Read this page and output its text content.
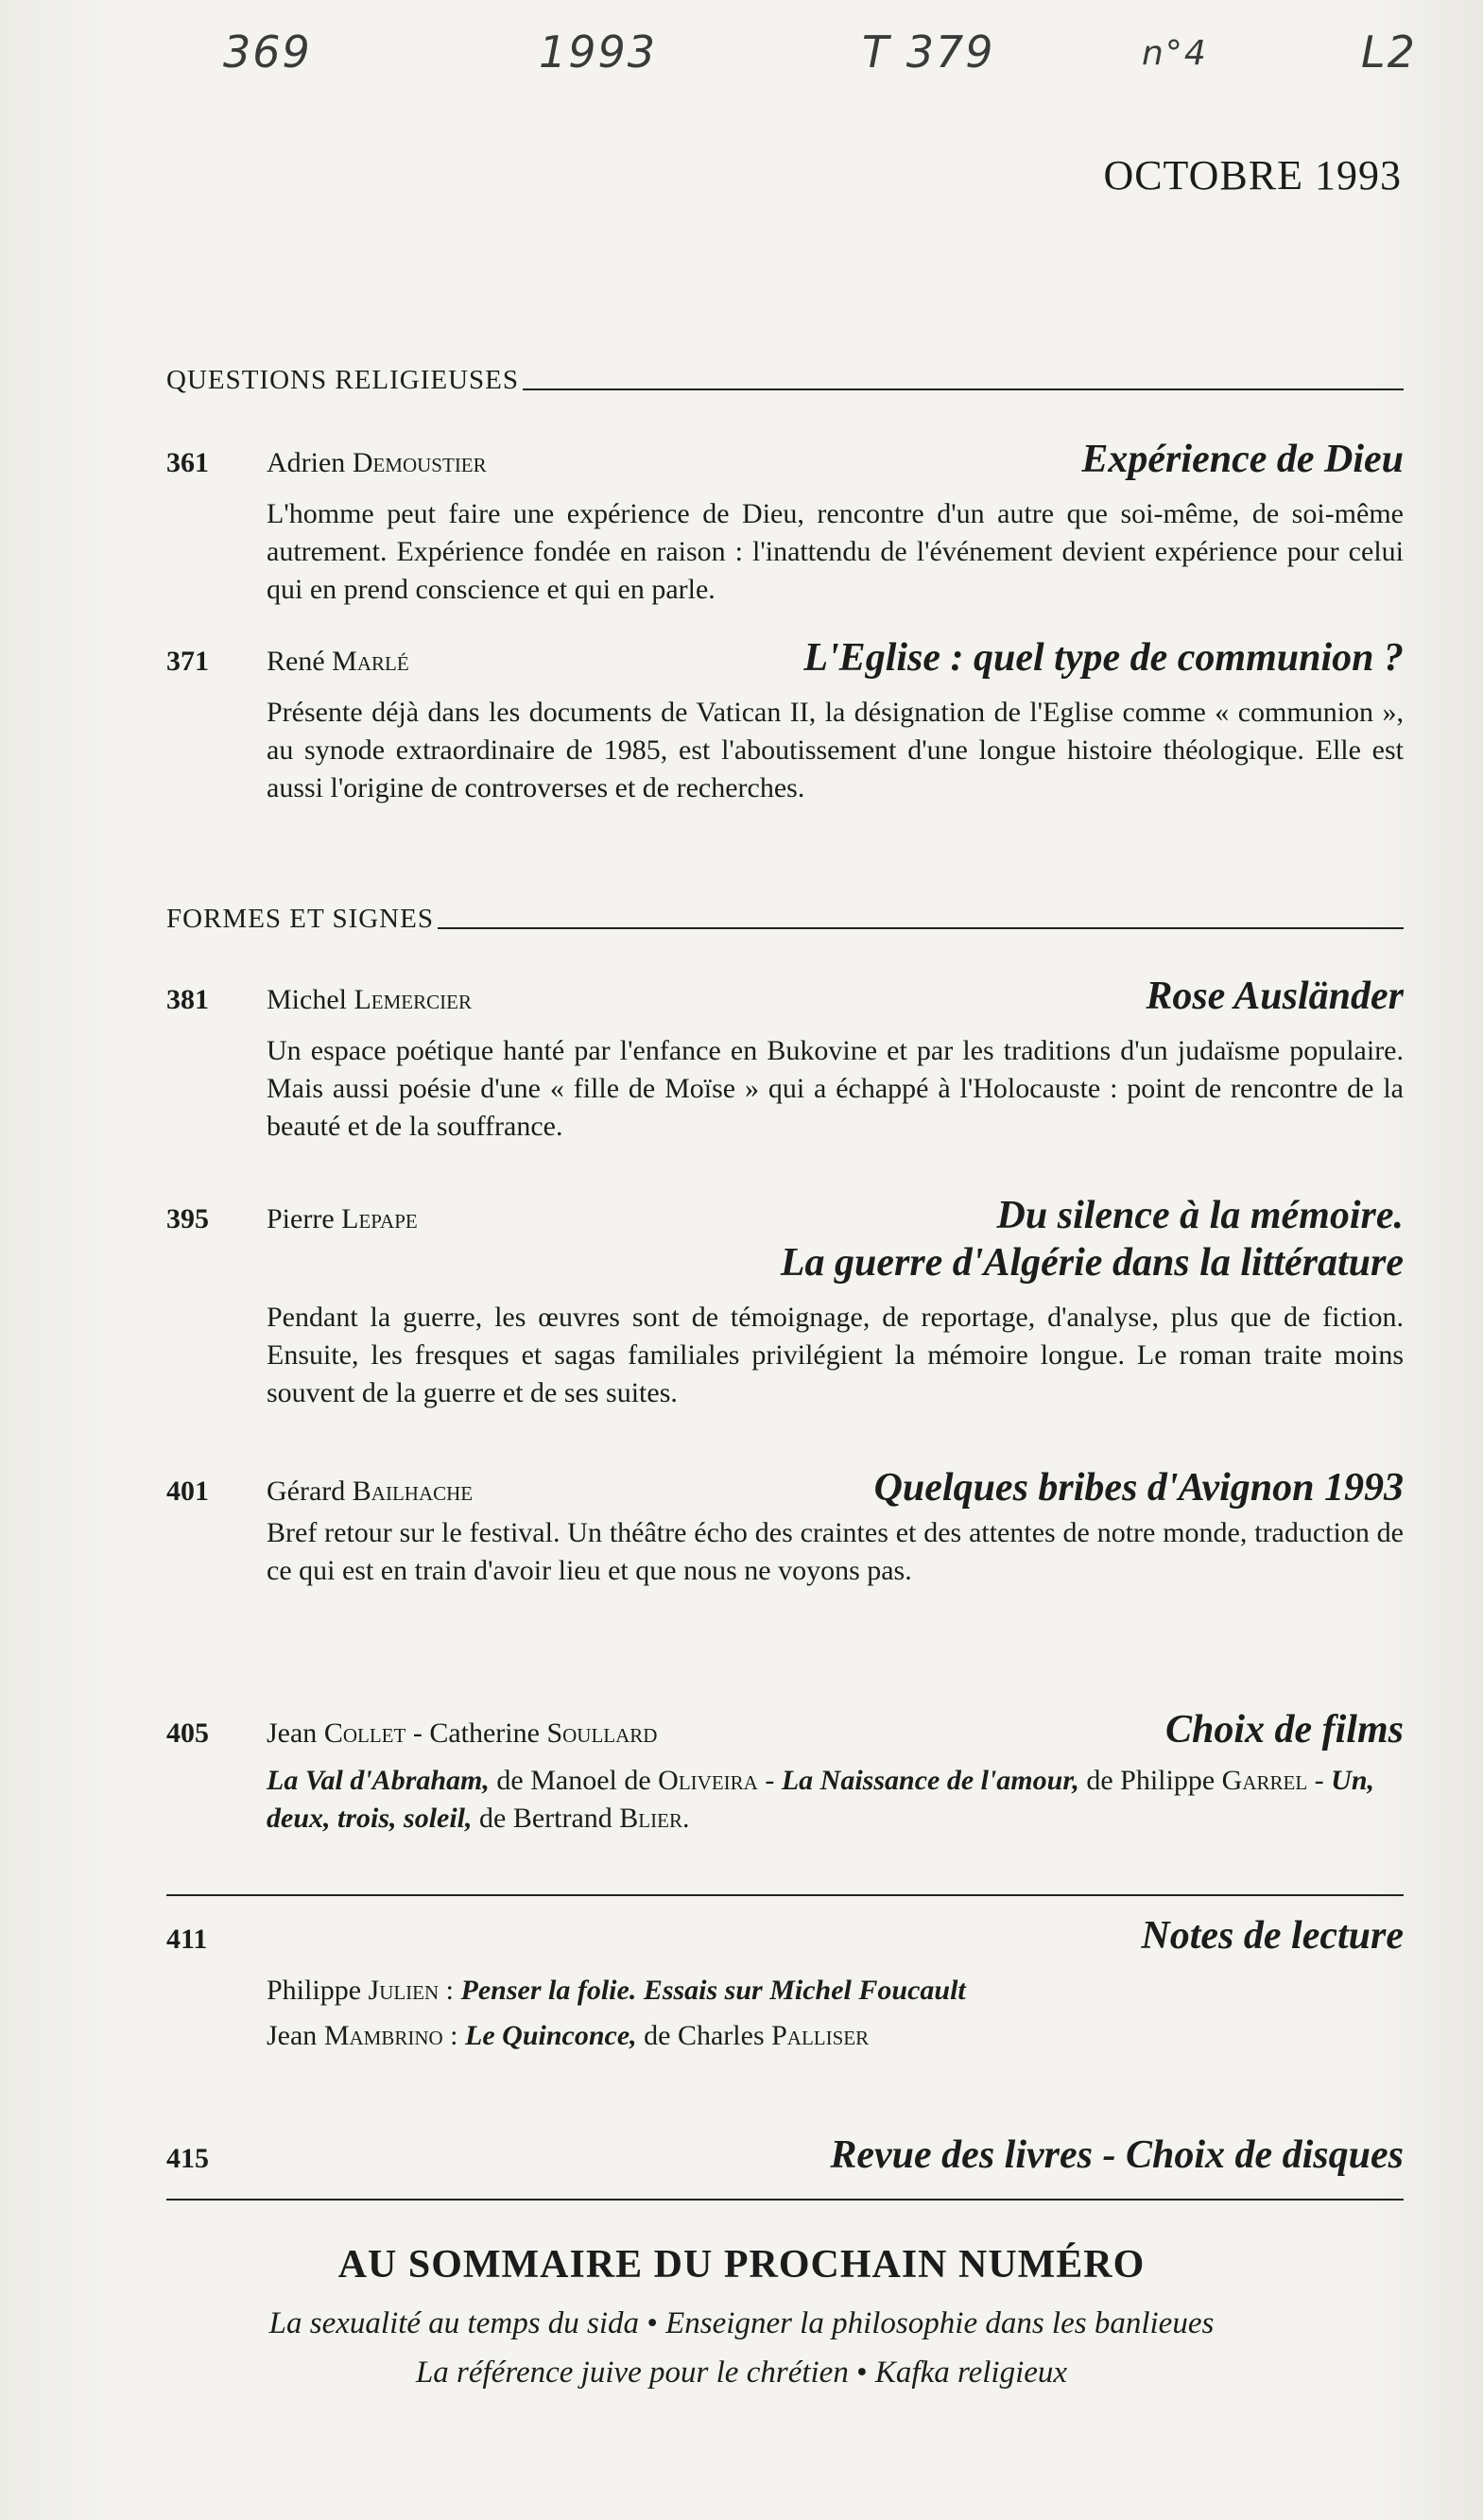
369	1993	T 379	n°4	L2
OCTOBRE 1993
QUESTIONS RELIGIEUSES
361	Adrien Demoustier	Expérience de Dieu
L'homme peut faire une expérience de Dieu, rencontre d'un autre que soi-même, de soi-même autrement. Expérience fondée en raison : l'inattendu de l'événement devient expérience pour celui qui en prend conscience et qui en parle.
371	René Marlé	L'Eglise : quel type de communion ?
Présente déjà dans les documents de Vatican II, la désignation de l'Eglise comme « communion », au synode extraordinaire de 1985, est l'aboutissement d'une longue histoire théologique. Elle est aussi l'origine de controverses et de recherches.
FORMES ET SIGNES
381	Michel Lemercier	Rose Ausländer
Un espace poétique hanté par l'enfance en Bukovine et par les traditions d'un judaïsme populaire. Mais aussi poésie d'une « fille de Moïse » qui a échappé à l'Holocauste : point de rencontre de la beauté et de la souffrance.
395	Pierre Lepape	Du silence à la mémoire.
La guerre d'Algérie dans la littérature
Pendant la guerre, les œuvres sont de témoignage, de reportage, d'analyse, plus que de fiction. Ensuite, les fresques et sagas familiales privilégient la mémoire longue. Le roman traite moins souvent de la guerre et de ses suites.
401	Gérard Bailhache	Quelques bribes d'Avignon 1993
Bref retour sur le festival. Un théâtre écho des craintes et des attentes de notre monde, traduction de ce qui est en train d'avoir lieu et que nous ne voyons pas.
405	Jean Collet - Catherine Soullard	Choix de films
La Val d'Abraham, de Manoel de Oliveira - La Naissance de l'amour, de Philippe Garrel - Un, deux, trois, soleil, de Bertrand Blier.
411	Notes de lecture
Philippe Julien : Penser la folie. Essais sur Michel Foucault
Jean Mambrino : Le Quinconce, de Charles Palliser
415	Revue des livres - Choix de disques
AU SOMMAIRE DU PROCHAIN NUMÉRO
La sexualité au temps du sida • Enseigner la philosophie dans les banlieues
La référence juive pour le chrétien • Kafka religieux
